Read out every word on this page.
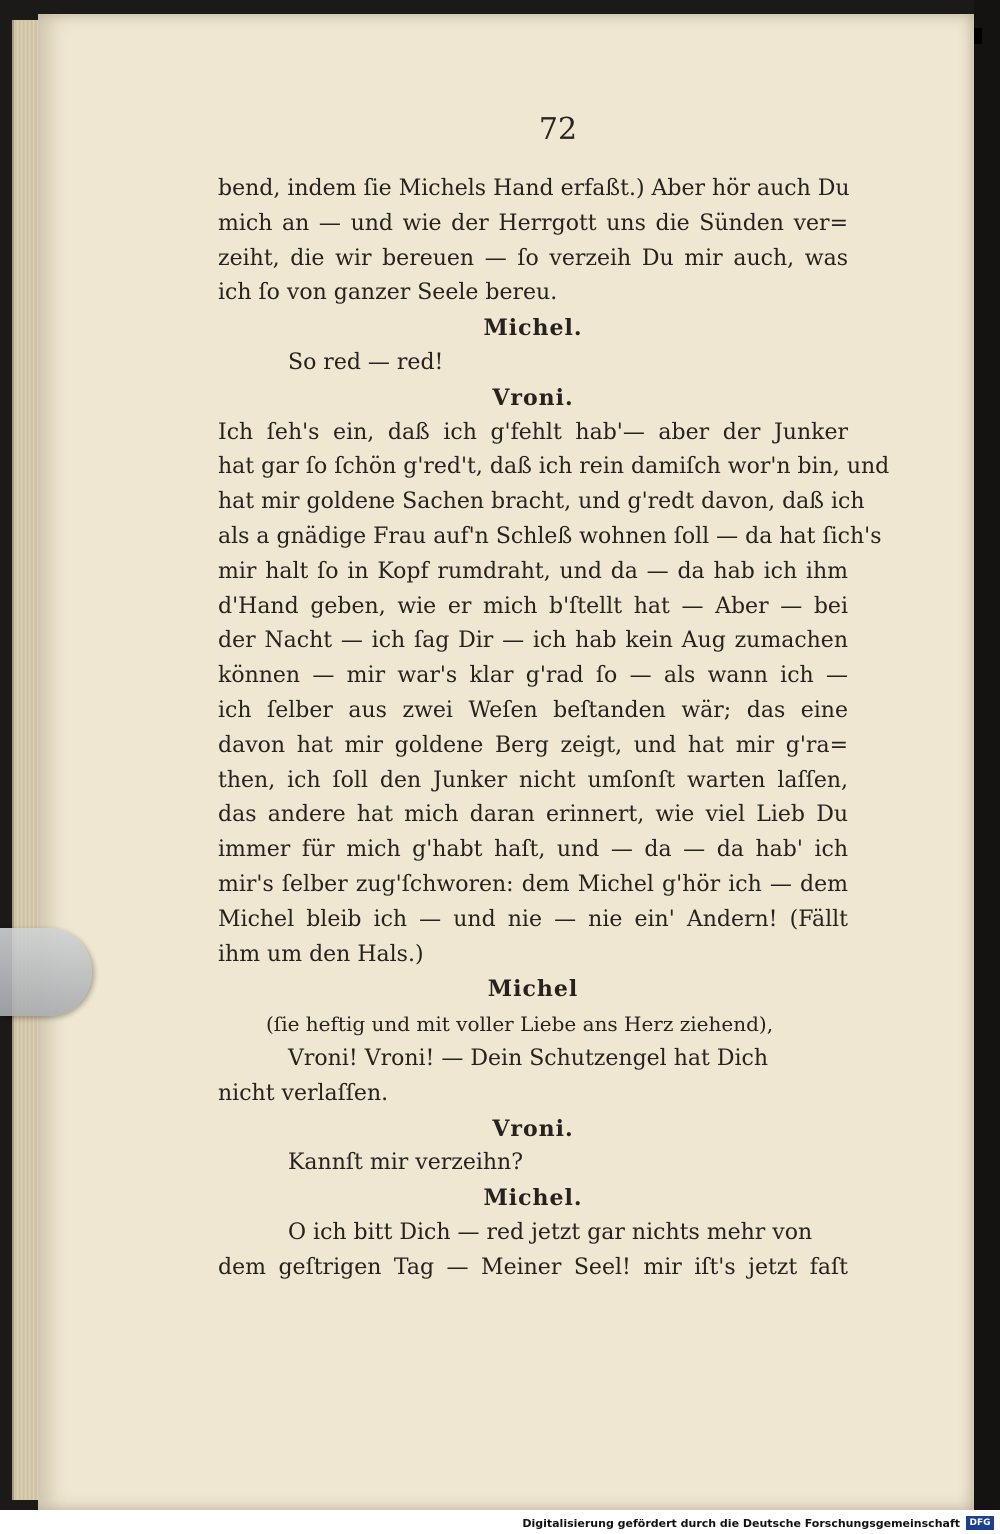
72
bend, indem ſie Michels Hand erfaßt.) Aber hör auch Du
mich an — und wie der Herrgott uns die Sünden ver=
zeiht, die wir bereuen — ſo verzeih Du mir auch, was
ich ſo von ganzer Seele bereu.
Michel.
So red — red!
Vroni.
Ich ſeh's ein, daß ich g'fehlt hab'— aber der Junker
hat gar ſo ſchön g'red't, daß ich rein damiſch wor'n bin, und
hat mir goldene Sachen bracht, und g'redt davon, daß ich
als a gnädige Frau auf'n Schleß wohnen ſoll — da hat ſich's
mir halt ſo in Kopf rumdraht, und da — da hab ich ihm
d'Hand geben, wie er mich b'ſtellt hat — Aber — bei
der Nacht — ich ſag Dir — ich hab kein Aug zumachen
können — mir war's klar g'rad ſo — als wann ich —
ich ſelber aus zwei Weſen beſtanden wär; das eine
davon hat mir goldene Berg zeigt, und hat mir g'ra=
then, ich ſoll den Junker nicht umſonſt warten laſſen,
das andere hat mich daran erinnert, wie viel Lieb Du
immer für mich g'habt haſt, und — da — da hab' ich
mir's ſelber zug'ſchworen: dem Michel g'hör ich — dem
Michel bleib ich — und nie — nie ein' Andern! (Fällt
ihm um den Hals.)
Michel
(ſie heftig und mit voller Liebe ans Herz ziehend),
Vroni! Vroni! — Dein Schutzengel hat Dich
nicht verlaſſen.
Vroni.
Kannſt mir verzeihn?
Michel.
O ich bitt Dich — red jetzt gar nichts mehr von
dem geſtrigen Tag — Meiner Seel! mir iſt's jetzt faſt
Digitalisierung gefördert durch die Deutsche Forschungsgemeinschaft	DFG
